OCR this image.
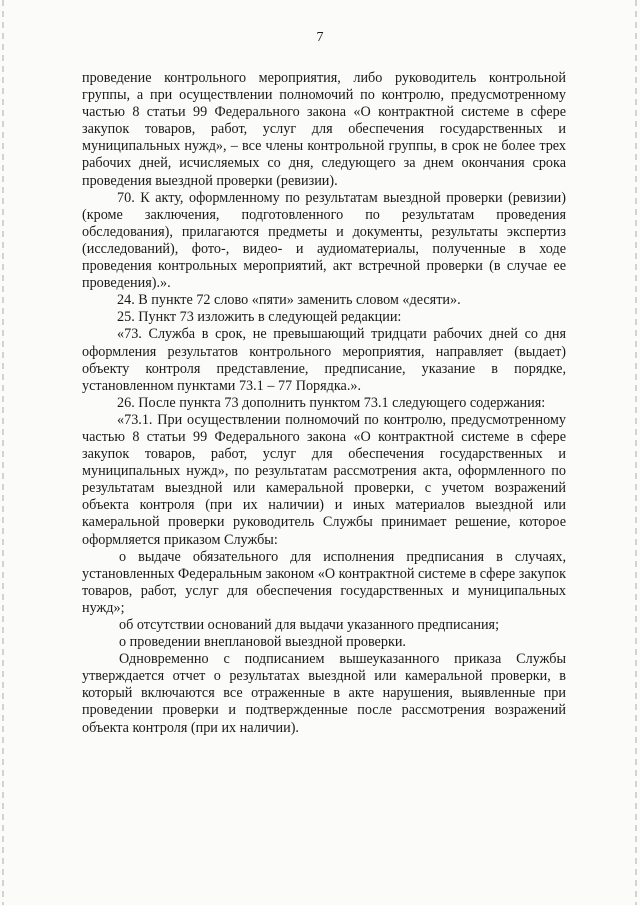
7

проведение контрольного мероприятия, либо руководитель контрольной группы, а при осуществлении полномочий по контролю, предусмотренному частью 8 статьи 99 Федерального закона «О контрактной системе в сфере закупок товаров, работ, услуг для обеспечения государственных и муниципальных нужд», – все члены контрольной группы, в срок не более трех рабочих дней, исчисляемых со дня, следующего за днем окончания срока проведения выездной проверки (ревизии).

70. К акту, оформленному по результатам выездной проверки (ревизии) (кроме заключения, подготовленного по результатам проведения обследования), прилагаются предметы и документы, результаты экспертиз (исследований), фото-, видео- и аудиоматериалы, полученные в ходе проведения контрольных мероприятий, акт встречной проверки (в случае ее проведения).».

24. В пункте 72 слово «пяти» заменить словом «десяти».

25. Пункт 73 изложить в следующей редакции:

«73. Служба в срок, не превышающий тридцати рабочих дней со дня оформления результатов контрольного мероприятия, направляет (выдает) объекту контроля представление, предписание, указание в порядке, установленном пунктами 73.1 – 77 Порядка.».

26. После пункта 73 дополнить пунктом 73.1 следующего содержания:

«73.1. При осуществлении полномочий по контролю, предусмотренному частью 8 статьи 99 Федерального закона «О контрактной системе в сфере закупок товаров, работ, услуг для обеспечения государственных и муниципальных нужд», по результатам рассмотрения акта, оформленного по результатам выездной или камеральной проверки, с учетом возражений объекта контроля (при их наличии) и иных материалов выездной или камеральной проверки руководитель Службы принимает решение, которое оформляется приказом Службы:

о выдаче обязательного для исполнения предписания в случаях, установленных Федеральным законом «О контрактной системе в сфере закупок товаров, работ, услуг для обеспечения государственных и муниципальных нужд»;

об отсутствии оснований для выдачи указанного предписания;

о проведении внеплановой выездной проверки.

Одновременно с подписанием вышеуказанного приказа Службы утверждается отчет о результатах выездной или камеральной проверки, в который включаются все отраженные в акте нарушения, выявленные при проведении проверки и подтвержденные после рассмотрения возражений объекта контроля (при их наличии).
